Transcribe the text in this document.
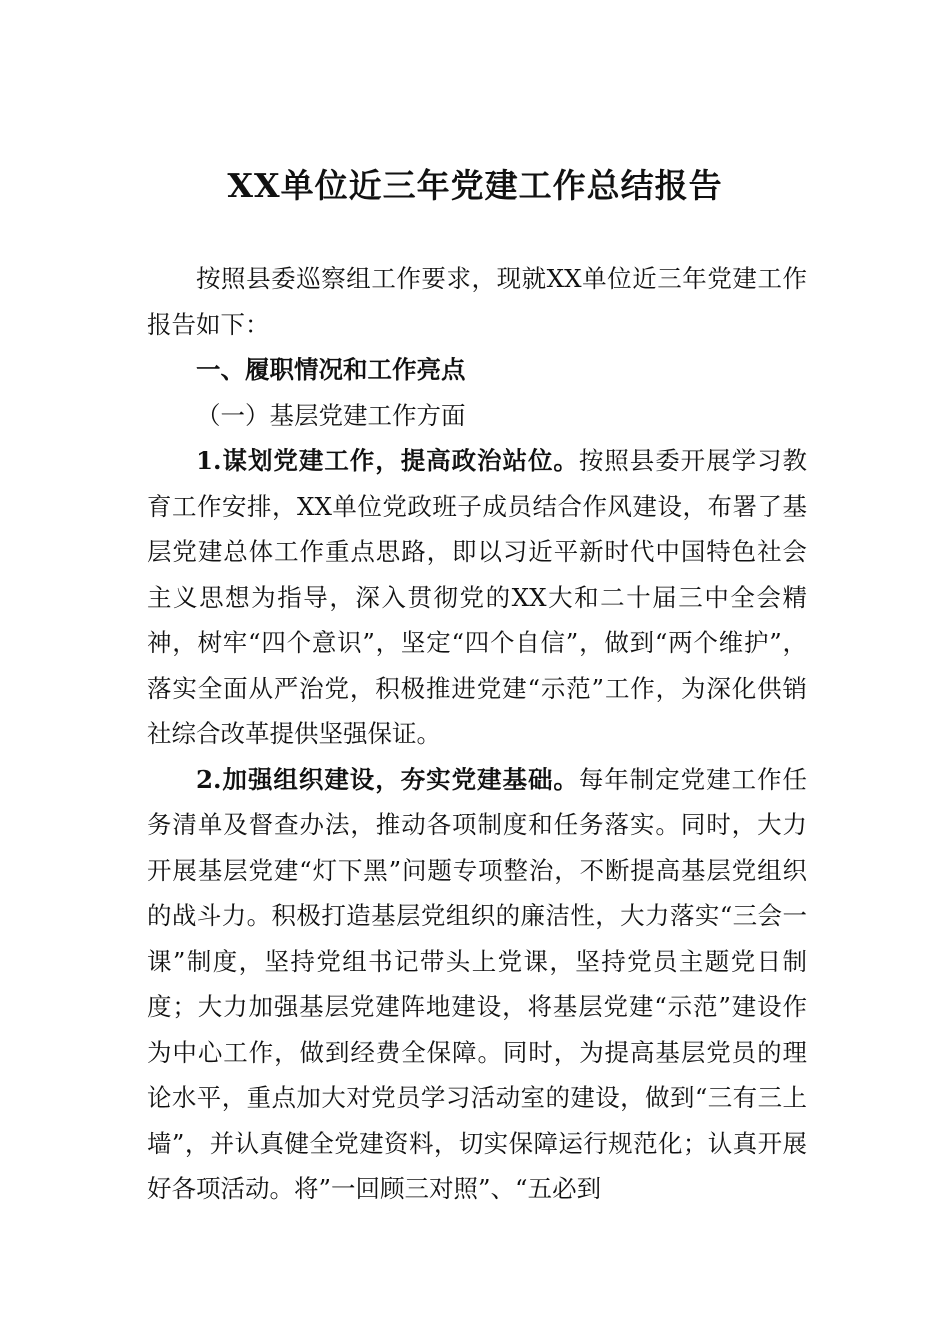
XX单位近三年党建工作总结报告

按照县委巡察组工作要求，现就XX单位近三年党建工作报告如下：

一、履职情况和工作亮点

（一）基层党建工作方面

1.谋划党建工作，提高政治站位。按照县委开展学习教育工作安排，XX单位党政班子成员结合作风建设，布署了基层党建总体工作重点思路，即以习近平新时代中国特色社会主义思想为指导，深入贯彻党的XX大和二十届三中全会精神，树牢“四个意识”，坚定“四个自信”，做到“两个维护”，落实全面从严治党，积极推进党建“示范”工作，为深化供销社综合改革提供坚强保证。

2.加强组织建设，夯实党建基础。每年制定党建工作任务清单及督查办法，推动各项制度和任务落实。同时，大力开展基层党建“灯下黑”问题专项整治，不断提高基层党组织的战斗力。积极打造基层党组织的廉洁性，大力落实“三会一课”制度，坚持党组书记带头上党课，坚持党员主题党日制度；大力加强基层党建阵地建设，将基层党建“示范”建设作为中心工作，做到经费全保障。同时，为提高基层党员的理论水平，重点加大对党员学习活动室的建设，做到“三有三上墙”，并认真健全党建资料，切实保障运行规范化；认真开展好各项活动。将”一回顾三对照”、“五必到
